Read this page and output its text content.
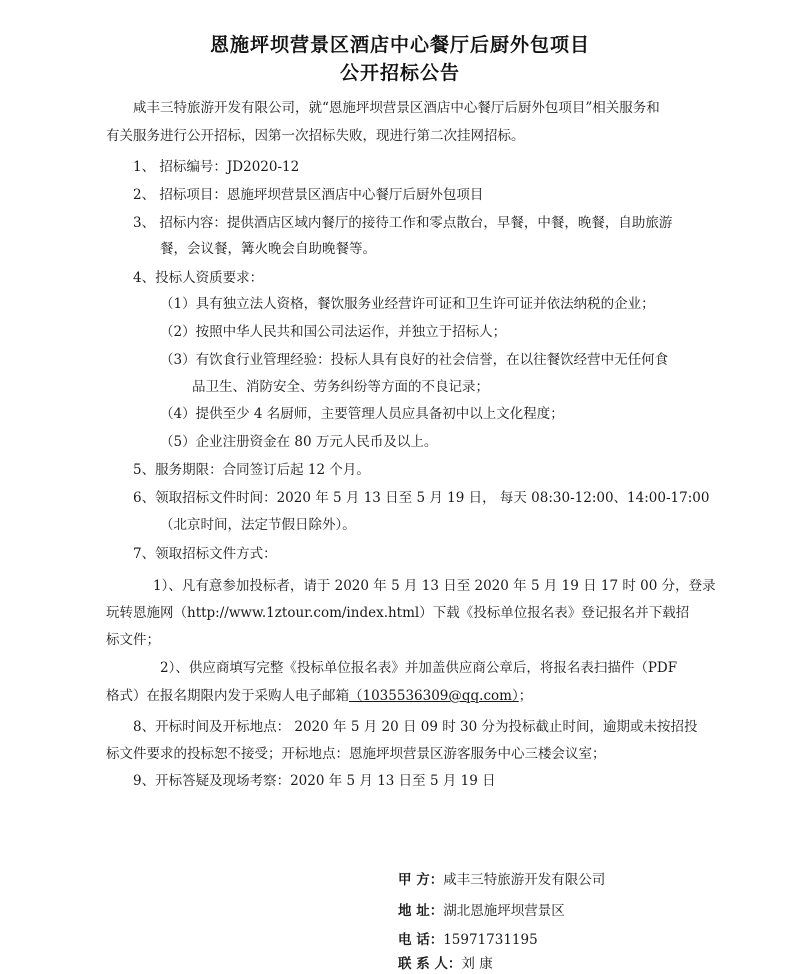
恩施坪坝营景区酒店中心餐厅后厨外包项目
公开招标公告
咸丰三特旅游开发有限公司，就“恩施坪坝营景区酒店中心餐厅后厨外包项目”相关服务和
有关服务进行公开招标，因第一次招标失败，现进行第二次挂网招标。
1、 招标编号：JD2020-12
2、 招标项目：恩施坪坝营景区酒店中心餐厅后厨外包项目
3、 招标内容：提供酒店区域内餐厅的接待工作和零点散台，早餐，中餐，晚餐，自助旅游
餐，会议餐，篝火晚会自助晚餐等。
4、投标人资质要求：
（1）具有独立法人资格，餐饮服务业经营许可证和卫生许可证并依法纳税的企业；
（2）按照中华人民共和国公司法运作，并独立于招标人；
（3）有饮食行业管理经验：投标人具有良好的社会信誉，在以往餐饮经营中无任何食
品卫生、消防安全、劳务纠纷等方面的不良记录；
（4）提供至少 4 名厨师，主要管理人员应具备初中以上文化程度；
（5）企业注册资金在 80 万元人民币及以上。
5、服务期限：合同签订后起 12 个月。
6、领取招标文件时间：2020 年 5 月 13 日至 5 月 19 日， 每天 08:30-12:00、14:00-17:00
（北京时间，法定节假日除外）。
7、领取招标文件方式：
1）、凡有意参加投标者，请于 2020 年 5 月 13 日至 2020 年 5 月 19 日 17 时 00 分，登录
玩转恩施网（http://www.1ztour.com/index.html）下载《投标单位报名表》登记报名并下载招
标文件；
2）、供应商填写完整《投标单位报名表》并加盖供应商公章后，将报名表扫描件（PDF
格式）在报名期限内发于采购人电子邮箱（1035536309@qq.com）；
8、开标时间及开标地点： 2020 年 5 月 20 日 09 时 30 分为投标截止时间，逾期或未按招投
标文件要求的投标恕不接受；开标地点：恩施坪坝营景区游客服务中心三楼会议室；
9、开标答疑及现场考察：2020 年 5 月 13 日至 5 月 19 日
甲 方：咸丰三特旅游开发有限公司
地 址：湖北恩施坪坝营景区
电 话：15971731195
联 系 人：刘 康
